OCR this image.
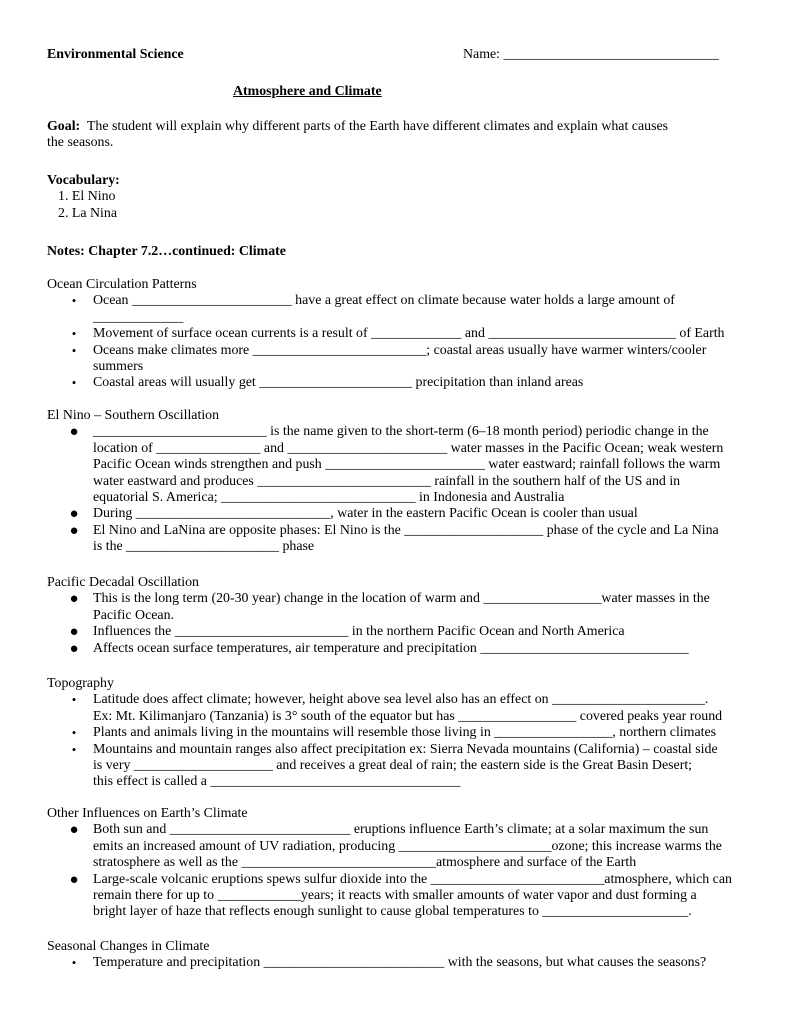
Environmental Science	Name: _______________________________
Atmosphere and Climate
Goal: The student will explain why different parts of the Earth have different climates and explain what causes
the seasons.
Vocabulary:
1. El Nino
2. La Nina
Notes: Chapter 7.2…continued: Climate
Ocean Circulation Patterns
• Ocean _______________________ have a great effect on climate because water holds a large amount of
_____________
• Movement of surface ocean currents is a result of _____________ and ___________________________ of Earth
• Oceans make climates more _________________________; coastal areas usually have warmer winters/cooler
summers
• Coastal areas will usually get ______________________ precipitation than inland areas
El Nino – Southern Oscillation
● _________________________ is the name given to the short-term (6–18 month period) periodic change in the
location of _______________ and _______________________ water masses in the Pacific Ocean; weak western
Pacific Ocean winds strengthen and push _______________________ water eastward; rainfall follows the warm
water eastward and produces _________________________ rainfall in the southern half of the US and in
equatorial S. America; ____________________________ in Indonesia and Australia
● During ____________________________, water in the eastern Pacific Ocean is cooler than usual
● El Nino and LaNina are opposite phases: El Nino is the ____________________ phase of the cycle and La Nina
is the ______________________ phase
Pacific Decadal Oscillation
● This is the long term (20-30 year) change in the location of warm and _________________water masses in the
Pacific Ocean.
● Influences the _________________________ in the northern Pacific Ocean and North America
● Affects ocean surface temperatures, air temperature and precipitation ______________________________
Topography
• Latitude does affect climate; however, height above sea level also has an effect on ______________________.
Ex: Mt. Kilimanjaro (Tanzania) is 3° south of the equator but has _________________ covered peaks year round
• Plants and animals living in the mountains will resemble those living in _________________, northern climates
• Mountains and mountain ranges also affect precipitation ex: Sierra Nevada mountains (California) – coastal side
is very ____________________ and receives a great deal of rain; the eastern side is the Great Basin Desert;
this effect is called a ____________________________________
Other Influences on Earth’s Climate
● Both sun and __________________________ eruptions influence Earth’s climate; at a solar maximum the sun
emits an increased amount of UV radiation, producing ______________________ozone; this increase warms the
stratosphere as well as the ____________________________atmosphere and surface of the Earth
● Large-scale volcanic eruptions spews sulfur dioxide into the _________________________atmosphere, which can
remain there for up to ____________years; it reacts with smaller amounts of water vapor and dust forming a
bright layer of haze that reflects enough sunlight to cause global temperatures to _____________________.
Seasonal Changes in Climate
• Temperature and precipitation __________________________ with the seasons, but what causes the seasons?
